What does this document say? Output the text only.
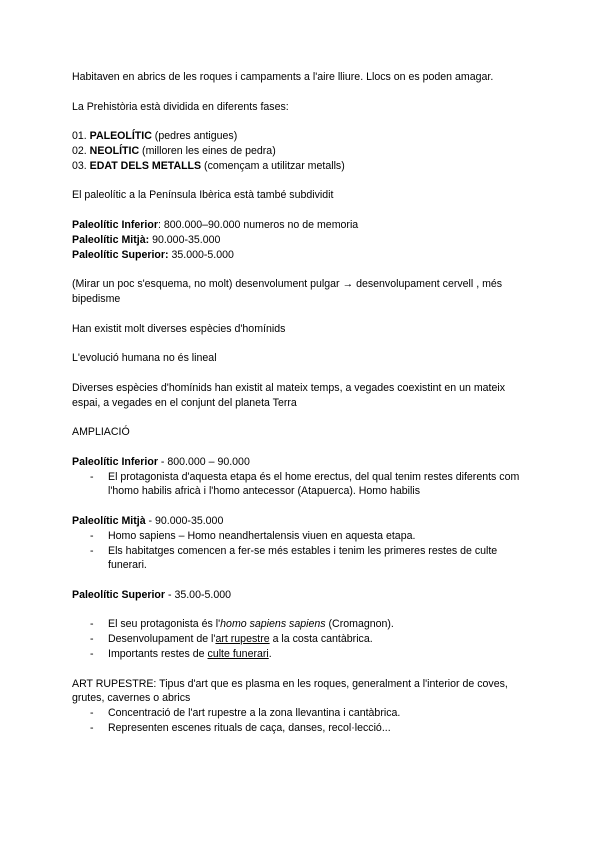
Habitaven en abrics de les roques i campaments a l'aire lliure. Llocs on es poden amagar.

La Prehistòria està dividida en diferents fases:

01. PALEOLÍTIC (pedres antigues)

02. NEOLÍTIC (milloren les eines de pedra)

03. EDAT DELS METALLS (començam a utilitzar metalls)

El paleolític a la Península Ibèrica està també subdividit

Paleolític Inferior: 800.000–90.000 numeros no de memoria

Paleolític Mitjà: 90.000-35.000

Paleolític Superior: 35.000-5.000

(Mirar un poc s'esquema, no molt) desenvolument pulgar → desenvolupament cervell , més bipedisme

Han existit molt diverses espècies d'homínids

L'evolució humana no és lineal

Diverses espècies d'homínids han existit al mateix temps, a vegades coexistint en un mateix espai, a vegades en el conjunt del planeta Terra

AMPLIACIÓ

Paleolític Inferior - 800.000 – 90.000

- El protagonista d'aquesta etapa és el home erectus, del qual tenim restes diferents com l'homo habilis africà i l'homo antecessor (Atapuerca). Homo habilis

Paleolític Mitjà - 90.000-35.000

- Homo sapiens – Homo neandhertalensis viuen en aquesta etapa.
- Els habitatges comencen a fer-se més estables i tenim les primeres restes de culte funerari.

Paleolític Superior - 35.00-5.000

- El seu protagonista és l'homo sapiens sapiens (Cromagnon).
- Desenvolupament de l'art rupestre a la costa cantàbrica.
- Importants restes de culte funerari.

ART RUPESTRE: Tipus d'art que es plasma en les roques, generalment a l'interior de coves, grutes, cavernes o abrics

- Concentració de l'art rupestre a la zona llevantina i cantàbrica.
- Representen escenes rituals de caça, danses, recol·lecció...
